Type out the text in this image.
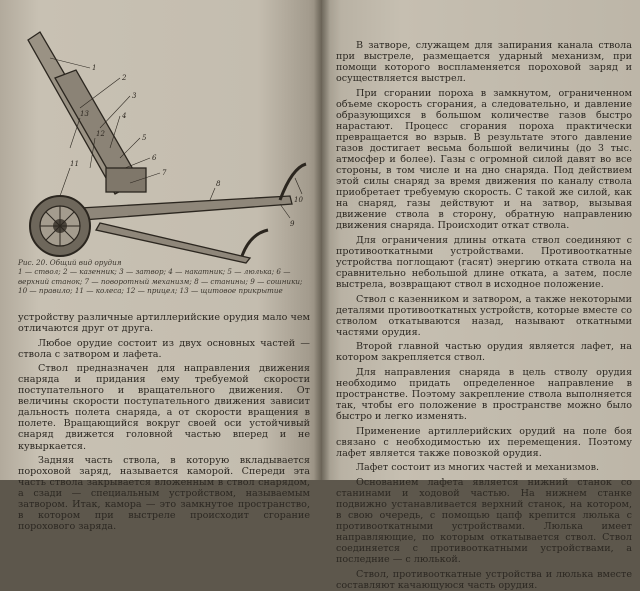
1
2
3
4
5
6
7
8
9
10
11
12
13
Рис. 20. Общий вид орудия
1 — ствол; 2 — казенник; 3 — затвор; 4 — накатник; 5 — люлька; 6 — верхний станок; 7 — поворотный механизм; 8 — станины; 9 — сошники; 10 — правило; 11 — колеса; 12 — прицел; 13 — щитовое прикрытие

устройству различные артиллерийские орудия мало чем отличаются друг от друга.

Любое орудие состоит из двух основных частей — ствола с затвором и лафета.

Ствол предназначен для направления движения снаряда и придания ему требуемой скорости поступательного и вращательного движения. От величины скорости поступательного движения зависит дальность полета снаряда, а от скорости вращения в полете. Вращающийся вокруг своей оси устойчивый снаряд движется головной частью вперед и не кувыркается.

Задняя часть ствола, в которую вкладывается пороховой заряд, называется каморой. Спереди эта часть ствола закрывается вложенным в ствол снарядом, а сзади — специальным устройством, называемым затвором. Итак, камора — это замкнутое пространство, в котором при выстреле происходит сгорание порохового заряда.

В затворе, служащем для запирания канала ствола при выстреле, размещается ударный механизм, при помощи которого воспламеняется пороховой заряд и осуществляется выстрел.

При сгорании пороха в замкнутом, ограниченном объеме скорость сгорания, а следовательно, и давление образующихся в большом количестве газов быстро нарастают. Процесс сгорания пороха практически превращается во взрыв. В результате этого давление газов достигает весьма большой величины (до 3 тыс. атмосфер и более). Газы с огромной силой давят во все стороны, в том числе и на дно снаряда. Под действием этой силы снаряд за время движения по каналу ствола приобретает требуемую скорость. С такой же силой, как на снаряд, газы действуют и на затвор, вызывая движение ствола в сторону, обратную направлению движения снаряда. Происходит откат ствола.

Для ограничения длины отката ствол соединяют с противооткатными устройствами. Противооткатные устройства поглощают (гасят) энергию отката ствола на сравнительно небольшой длине отката, а затем, после выстрела, возвращают ствол в исходное положение.

Ствол с казенником и затвором, а также некоторыми деталями противооткатных устройств, которые вместе со стволом откатываются назад, называют откатными частями орудия.

Второй главной частью орудия является лафет, на котором закрепляется ствол.

Для направления снаряда в цель стволу орудия необходимо придать определенное направление в пространстве. Поэтому закрепление ствола выполняется так, чтобы его положение в пространстве можно было быстро и легко изменять.

Применение артиллерийских орудий на поле боя связано с необходимостью их перемещения. Поэтому лафет является также повозкой орудия.

Лафет состоит из многих частей и механизмов.

Основанием лафета является нижний станок со станинами и ходовой частью. На нижнем станке подвижно устанавливается верхний станок, на котором, в свою очередь, с помощью цапф крепится люлька с противооткатными устройствами. Люлька имеет направляющие, по которым откатывается ствол. Ствол соединяется с противооткатными устройствами, а последние — с люлькой.

Ствол, противооткатные устройства и люлька вместе составляют качающуюся часть орудия.
